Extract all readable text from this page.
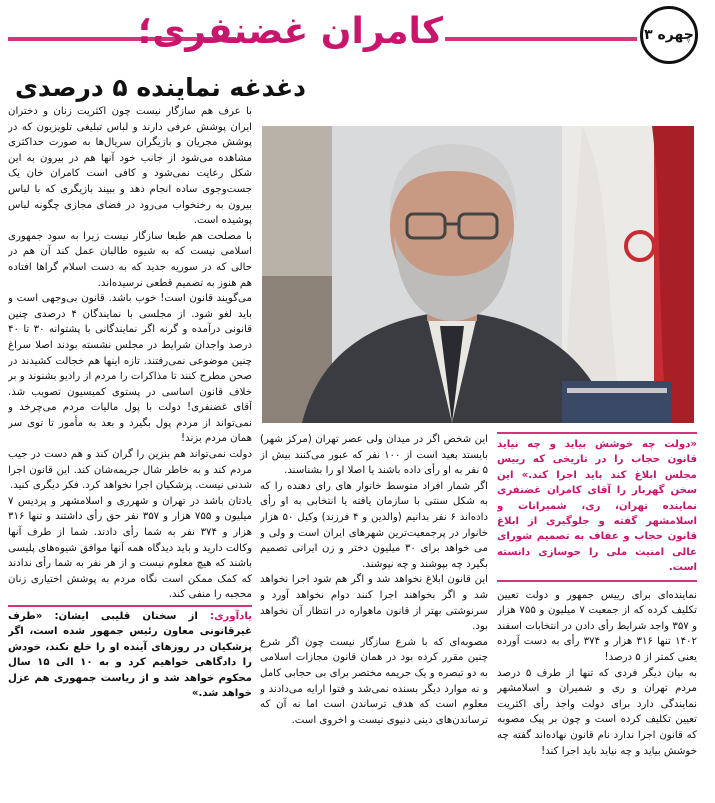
کامران غضنفری؛	چهره ۳
دغدغه نماینده ۵ درصدی

با عرف هم سازگار نیست چون اکثریت زنان و دختران ایران پوشش عرفی دارند و لباس تبلیغی تلویزیون که در پوشش مجریان و بازیگران سریال‌ها به صورت حداکثری مشاهده می‌شود از جانب خود آنها هم در بیرون به این شکل رعایت نمی‌شود و کافی است کامران خان یک جست‌وجوی ساده انجام دهد و ببیند بازیگری که با لباس بیرون به رختخواب می‌رود در فضای مجازی چگونه لباس پوشیده است.

با مصلحت هم طبعا سازگار نیست زیرا به سود جمهوری اسلامی نیست که به شیوه طالبان عمل کند آن هم در حالی که در سوریه جدید که به دست اسلام گراها افتاده هم هنوز به تصمیم قطعی نرسیده‌اند.

می‌گویند قانون است! خوب باشد. قانون بی‌وجهی است و باید لغو شود. از مجلسی با نمایندگان ۴ درصدی چنین قانونی درآمده و گرنه اگر نمایندگانی با پشتوانه ۳۰ تا ۴۰ درصد واجدان شرایط در مجلس نشسته بودند اصلا سراغ چنین موضوعی نمی‌رفتند. تازه اینها هم خجالت کشیدند در صحن مطرح کنند تا مذاکرات را مردم از رادیو بشنوند و بر خلاف قانون اساسی در پستوی کمیسیون تصویب شد. آقای غضنفری! دولت با پول مالیات مردم می‌چرخد و نمی‌تواند از مردم پول بگیرد و بعد به مأمور تا توی سر همان مردم بزند!

دولت نمی‌تواند هم بنزین را گران کند و هم دست در جیب مردم کند و به خاطر شال جریمه‌شان کند. این قانون اجرا شدنی نیست. پزشکیان اجرا نخواهد کرد. فکر دیگری کنید.

یادتان باشد در تهران و شهرری و اسلامشهر و پردیس ۷ میلیون و ۷۵۵ هزار و ۳۵۷ نفر حق رأی داشتند و تنها ۳۱۶ هزار و ۳۷۴ نفر به شما رأی دادند. شما از طرف آنها وکالت دارید و باید دیدگاه همه آنها موافق شیوه‌های پلیسی باشند که هیچ معلوم نیست و از هر نفر به شما رأی ندادند که کمک ممکن است نگاه مردم به پوشش اختیاری زنان محجبه را منفی کند.

یادآوری: از سخنان قلیبی ایشان: «طرف غیرقانونی معاون رئیس جمهور شده است، اگر پزشکیان در روزهای آینده او را خلع نکند، خودش را دادگاهی خواهیم کرد و به ۱۰ الی ۱۵ سال محکوم خواهد شد و از ریاست جمهوری هم عزل خواهد شد.»

این شخص اگر در میدان ولی عصر تهران (مرکز شهر) بایستد بعید است از ۱۰۰ نفر که عبور می‌کنند بیش از ۵ نفر به او رأی داده باشند یا اصلا او را بشناسند.

اگر شمار افراد متوسط خانوار های رای دهنده را که به شکل سنتی با سازمان یافته یا انتخابی به او رأی داده‌اند ۶ نفر بدانیم (والدین و ۴ فرزند) وکیل ۵۰ هزار خانوار در پرجمعیت‌ترین شهرهای ایران است و ولی و می خواهد برای ۳۰ میلیون دختر و زن ایرانی تصمیم بگیرد چه بپوشند و چه نپوشند.

این قانون ابلاغ نخواهد شد و اگر هم شود اجرا نخواهد شد و اگر بخواهند اجرا کنند دوام نخواهد آورد و سرنوشتی بهتر از قانون ماهواره در انتظار آن نخواهد بود.

مصوبه‌ای که با شرع سازگار نیست چون اگر شرع چنین مقرر کرده بود در همان قانون مجازات اسلامی به دو تبصره و یک جریمه مختصر برای بی حجابی کامل و نه موارد دیگر بسنده نمی‌شد و فتوا ارایه می‌دادند و معلوم است که هدف ترساندن است اما نه آن که ترساندن‌های دینی دنیوی نیست و اخروی است.

«دولت چه خوشش بیاید و چه نیاید قانون حجاب را در تاریخی که رییس مجلس ابلاغ کند باید اجرا کند.» این سخن گهربار را آقای کامران غضنفری نماینده تهران، ری، شمیرانات و اسلامشهر گفته و جلوگیری از ابلاغ قانون حجاب و عفاف به تصمیم شورای عالی امنیت ملی را جوسازی دانسته است.

نماینده‌ای برای رییس جمهور و دولت تعیین تکلیف کرده که از جمعیت ۷ میلیون و ۷۵۵ هزار و ۳۵۷ واجد شرایط رأی دادن در انتخابات اسفند ۱۴۰۲ تنها ۳۱۶ هزار و ۳۷۴ رأی به دست آورده یعنی کمتر از ۵ درصد!

به بیان دیگر فردی که تنها از طرف ۵ درصد مردم تهران و ری و شمیران و اسلامشهر نمایندگی دارد برای دولت واجد رأی اکثریت تعیین تکلیف کرده است و چون بر پیک مصوبه که قانون اجرا ندارد نام قانون نهاده‌اند گفته چه خوشش بیاید و چه نیاید باید اجرا کند!
